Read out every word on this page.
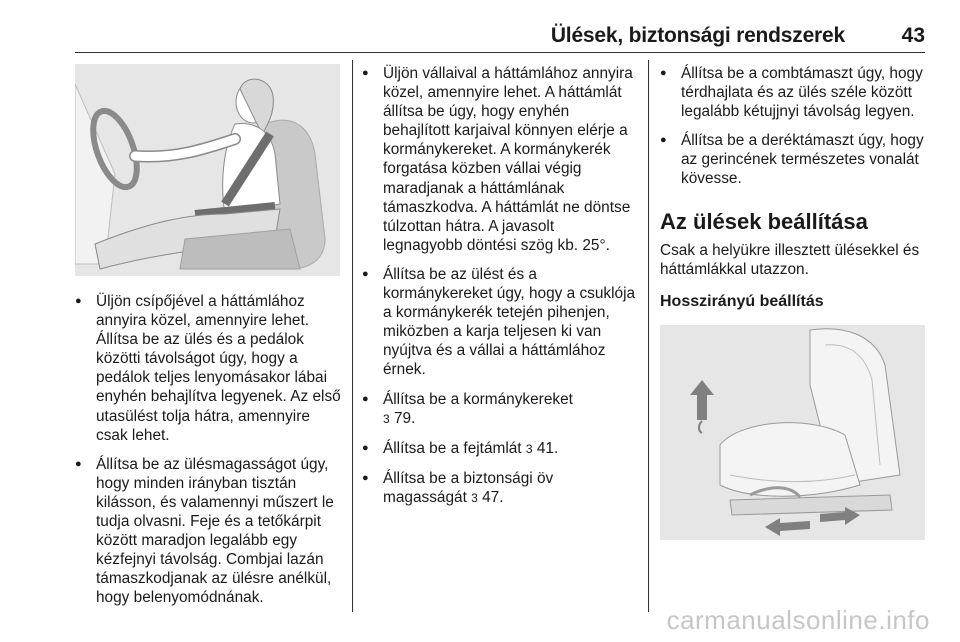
Ülések, biztonsági rendszerek	43
● Üljön csípőjével a háttámlához annyira közel, amennyire lehet. Állítsa be az ülés és a pedálok közötti távolságot úgy, hogy a pedálok teljes lenyomásakor lábai enyhén behajlítva legyenek. Az első utasülést tolja hátra, amennyire csak lehet.
● Állítsa be az ülésmagasságot úgy, hogy minden irányban tisztán kilásson, és valamennyi műszert le tudja olvasni. Feje és a tetőkárpit között maradjon legalább egy kézfejnyi távolság. Combjai lazán támaszkodjanak az ülésre anélkül, hogy belenyomódnának.
● Üljön vállaival a háttámlához annyira közel, amennyire lehet. A háttámlát állítsa be úgy, hogy enyhén behajlított karjaival könnyen elérje a kormánykereket. A kormánykerék forgatása közben vállai végig maradjanak a háttámlának támaszkodva. A háttámlát ne döntse túlzottan hátra. A javasolt legnagyobb döntési szög kb. 25°.
● Állítsa be az ülést és a kormánykereket úgy, hogy a csuklója a kormánykerék tetején pihenjen, miközben a karja teljesen ki van nyújtva és a vállai a háttámlához érnek.
● Állítsa be a kormánykereket
3 79.
● Állítsa be a fejtámlát 3 41.
● Állítsa be a biztonsági öv magasságát 3 47.
● Állítsa be a combtámaszt úgy, hogy térdhajlata és az ülés széle között legalább kétujjnyi távolság legyen.
● Állítsa be a deréktámaszt úgy, hogy az gerincének természetes vonalát kövesse.
Az ülések beállítása
Csak a helyükre illesztett ülésekkel és háttámlákkal utazzon.
Hosszirányú beállítás
carmanualsonline.info
